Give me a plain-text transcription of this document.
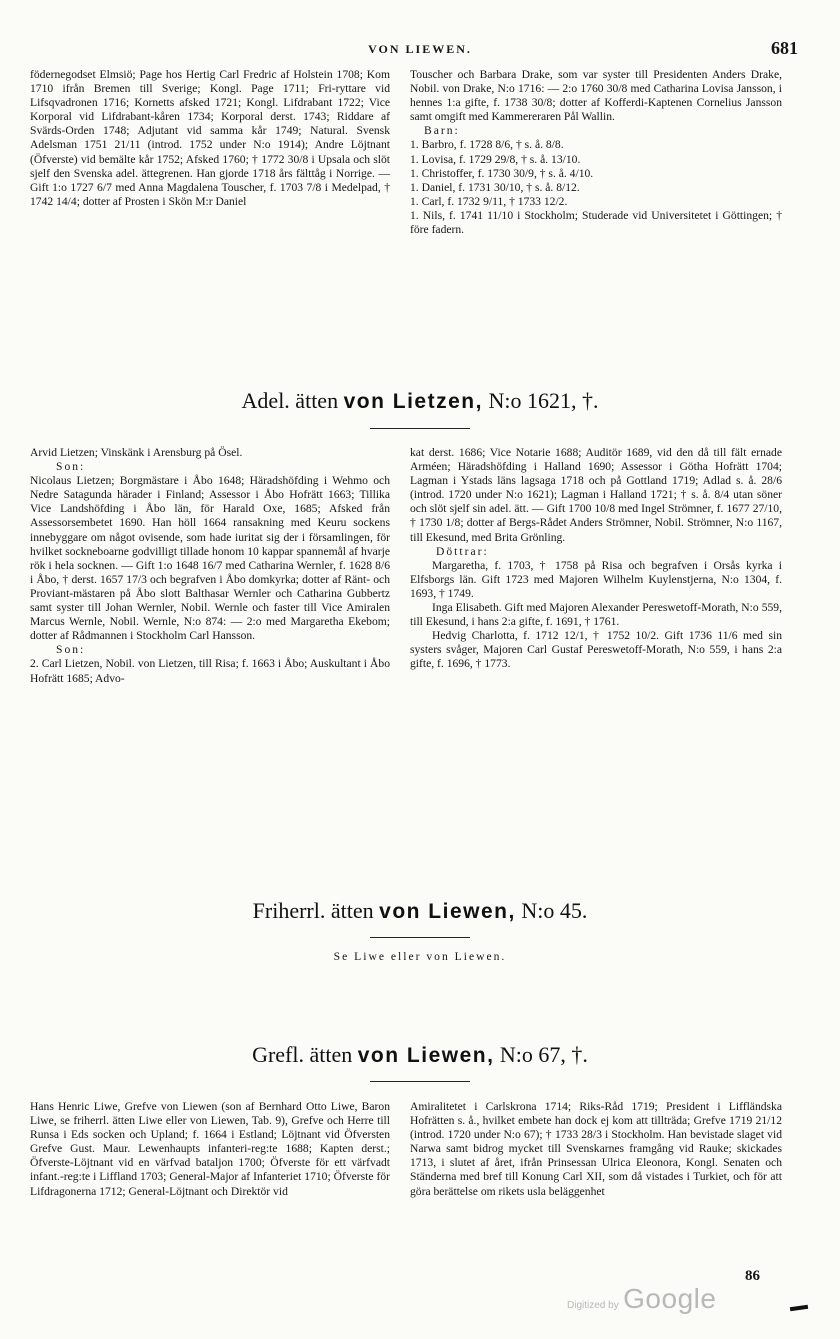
VON LIEWEN.	681

födernegodset Elmsiö; Page hos Hertig Carl Fredric af Holstein 1708; Kom 1710 ifrån Bremen till Sverige; Kongl. Page 1711; Fri-ryttare vid Lifsqvadronen 1716; Kornetts afsked 1721; Kongl. Lifdrabant 1722; Vice Korporal vid Lifdrabant-kåren 1734; Korporal derst. 1743; Riddare af Svärds-Orden 1748; Adjutant vid samma kår 1749; Natural. Svensk Adelsman 1751 21/11 (introd. 1752 under N:o 1914); Andre Löjtnant (Öfverste) vid bemälte kår 1752; Afsked 1760; † 1772 30/8 i Upsala och slöt sjelf den Svenska adel. ättegrenen. Han gjorde 1718 års fälttåg i Norrige. — Gift 1:o 1727 6/7 med Anna Magdalena Touscher, f. 1703 7/8 i Medelpad, † 1742 14/4; dotter af Prosten i Skön M:r Daniel

Touscher och Barbara Drake, som var syster till Presidenten Anders Drake, Nobil. von Drake, N:o 1716: — 2:o 1760 30/8 med Catharina Lovisa Jansson, i hennes 1:a gifte, f. 1738 30/8; dotter af Kofferdi-Kaptenen Cornelius Jansson samt omgift med Kammereraren Pål Wallin.

Barn:

1. Barbro, f. 1728 8/6, † s. å. 8/8.

1. Lovisa, f. 1729 29/8, † s. å. 13/10.

1. Christoffer, f. 1730 30/9, † s. å. 4/10.

1. Daniel, f. 1731 30/10, † s. å. 8/12.

1. Carl, f. 1732 9/11, † 1733 12/2.

1. Nils, f. 1741 11/10 i Stockholm; Studerade vid Universitetet i Göttingen; † före fadern.

Adel. ätten von Lietzen, N:o 1621, †.

Arvid Lietzen; Vinskänk i Arensburg på Ösel.

Son:

Nicolaus Lietzen; Borgmästare i Åbo 1648; Häradshöfding i Wehmo och Nedre Satagunda härader i Finland; Assessor i Åbo Hofrätt 1663; Tillika Vice Landshöfding i Åbo län, för Harald Oxe, 1685; Afsked från Assessorsembetet 1690. Han höll 1664 ransakning med Keuru sockens innebyggare om något ovisende, som hade iuritat sig der i församlingen, för hvilket sockneboarne godvilligt tillade honom 10 kappar spannemål af hvarje rök i hela socknen. — Gift 1:o 1648 16/7 med Catharina Wernler, f. 1628 8/6 i Åbo, † derst. 1657 17/3 och begrafven i Åbo domkyrka; dotter af Ränt- och Proviant-mästaren på Åbo slott Balthasar Wernler och Catharina Gubbertz samt syster till Johan Wernler, Nobil. Wernle och faster till Vice Amiralen Marcus Wernle, Nobil. Wernle, N:o 874: — 2:o med Margaretha Ekebom; dotter af Rådmannen i Stockholm Carl Hansson.

Son:

2. Carl Lietzen, Nobil. von Lietzen, till Risa; f. 1663 i Åbo; Auskultant i Åbo Hofrätt 1685; Advo-

kat derst. 1686; Vice Notarie 1688; Auditör 1689, vid den då till fält ernade Arméen; Häradshöfding i Halland 1690; Assessor i Götha Hofrätt 1704; Lagman i Ystads läns lagsaga 1718 och på Gottland 1719; Adlad s. å. 28/6 (introd. 1720 under N:o 1621); Lagman i Halland 1721; † s. å. 8/4 utan söner och slöt sjelf sin adel. ätt. — Gift 1700 10/8 med Ingel Strömner, f. 1677 27/10, † 1730 1/8; dotter af Bergs-Rådet Anders Strömner, Nobil. Strömner, N:o 1167, till Ekesund, med Brita Grönling.

Döttrar:

Margaretha, f. 1703, † 1758 på Risa och begrafven i Orsås kyrka i Elfsborgs län. Gift 1723 med Majoren Wilhelm Kuylenstjerna, N:o 1304, f. 1693, † 1749.

Inga Elisabeth. Gift med Majoren Alexander Pereswetoff-Morath, N:o 559, till Ekesund, i hans 2:a gifte, f. 1691, † 1761.

Hedvig Charlotta, f. 1712 12/1, † 1752 10/2. Gift 1736 11/6 med sin systers svåger, Majoren Carl Gustaf Pereswetoff-Morath, N:o 559, i hans 2:a gifte, f. 1696, † 1773.

Friherrl. ätten von Liewen, N:o 45.
Se Liwe eller von Liewen.
Grefl. ätten von Liewen, N:o 67, †.

Hans Henric Liwe, Grefve von Liewen (son af Bernhard Otto Liwe, Baron Liwe, se friherrl. ätten Liwe eller von Liewen, Tab. 9), Grefve och Herre till Runsa i Eds socken och Upland; f. 1664 i Estland; Löjtnant vid Öfversten Grefve Gust. Maur. Lewenhaupts infanteri-reg:te 1688; Kapten derst.; Öfverste-Löjtnant vid en värfvad bataljon 1700; Öfverste för ett värfvadt infant.-reg:te i Liffland 1703; General-Major af Infanteriet 1710; Öfverste för Lifdragonerna 1712; General-Löjtnant och Direktör vid

Amiralitetet i Carlskrona 1714; Riks-Råd 1719; President i Liffländska Hofrätten s. å., hvilket embete han dock ej kom att tillträda; Grefve 1719 21/12 (introd. 1720 under N:o 67); † 1733 28/3 i Stockholm. Han bevistade slaget vid Narwa samt bidrog mycket till Svenskarnes framgång vid Rauke; skickades 1713, i slutet af året, ifrån Prinsessan Ulrica Eleonora, Kongl. Senaten och Ständerna med bref till Konung Carl XII, som då vistades i Turkiet, och för att göra berättelse om rikets usla beläggenhet

86
Digitized by Google
